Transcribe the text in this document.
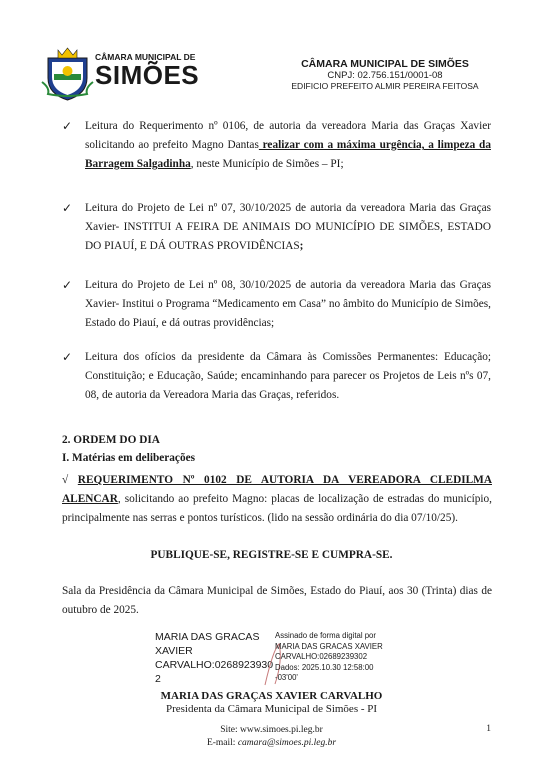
CÂMARA MUNICIPAL DE
SIMÕES	CÂMARA MUNICIPAL DE SIMÕES
CNPJ: 02.756.151/0001-08
EDIFICIO PREFEITO ALMIR PEREIRA FEITOSA
✓ Leitura do Requerimento nº 0106, de autoria da vereadora Maria das Graças Xavier solicitando ao prefeito Magno Dantas realizar com a máxima urgência, a limpeza da Barragem Salgadinha, neste Município de Simões – PI;
✓ Leitura do Projeto de Lei nº 07, 30/10/2025 de autoria da vereadora Maria das Graças Xavier- INSTITUI A FEIRA DE ANIMAIS DO MUNICÍPIO DE SIMÕES, ESTADO DO PIAUÍ, E DÁ OUTRAS PROVIDÊNCIAS;
✓ Leitura do Projeto de Lei nº 08, 30/10/2025 de autoria da vereadora Maria das Graças Xavier- Institui o Programa “Medicamento em Casa” no âmbito do Município de Simões, Estado do Piauí, e dá outras providências;
✓ Leitura dos ofícios da presidente da Câmara às Comissões Permanentes: Educação; Constituição; e Educação, Saúde; encaminhando para parecer os Projetos de Leis nºs 07, 08, de autoria da Vereadora Maria das Graças, referidos.
2. ORDEM DO DIA
I. Matérias em deliberações
√ REQUERIMENTO Nº 0102 DE AUTORIA DA VEREADORA CLEDILMA ALENCAR, solicitando ao prefeito Magno: placas de localização de estradas do município, principalmente nas serras e pontos turísticos. (lido na sessão ordinária do dia 07/10/25).
PUBLIQUE-SE, REGISTRE-SE E CUMPRA-SE.
Sala da Presidência da Câmara Municipal de Simões, Estado do Piauí, aos 30 (Trinta) dias de outubro de 2025.
MARIA DAS GRACAS
XAVIER
CARVALHO:0268923930
2
Assinado de forma digital por
MARIA DAS GRACAS XAVIER
CARVALHO:02689239302
Dados: 2025.10.30 12:58:00
-03'00'
MARIA DAS GRAÇAS XAVIER CARVALHO
Presidenta da Câmara Municipal de Simões - PI
Site: www.simoes.pi.leg.br
E-mail: camara@simoes.pi.leg.br
1
